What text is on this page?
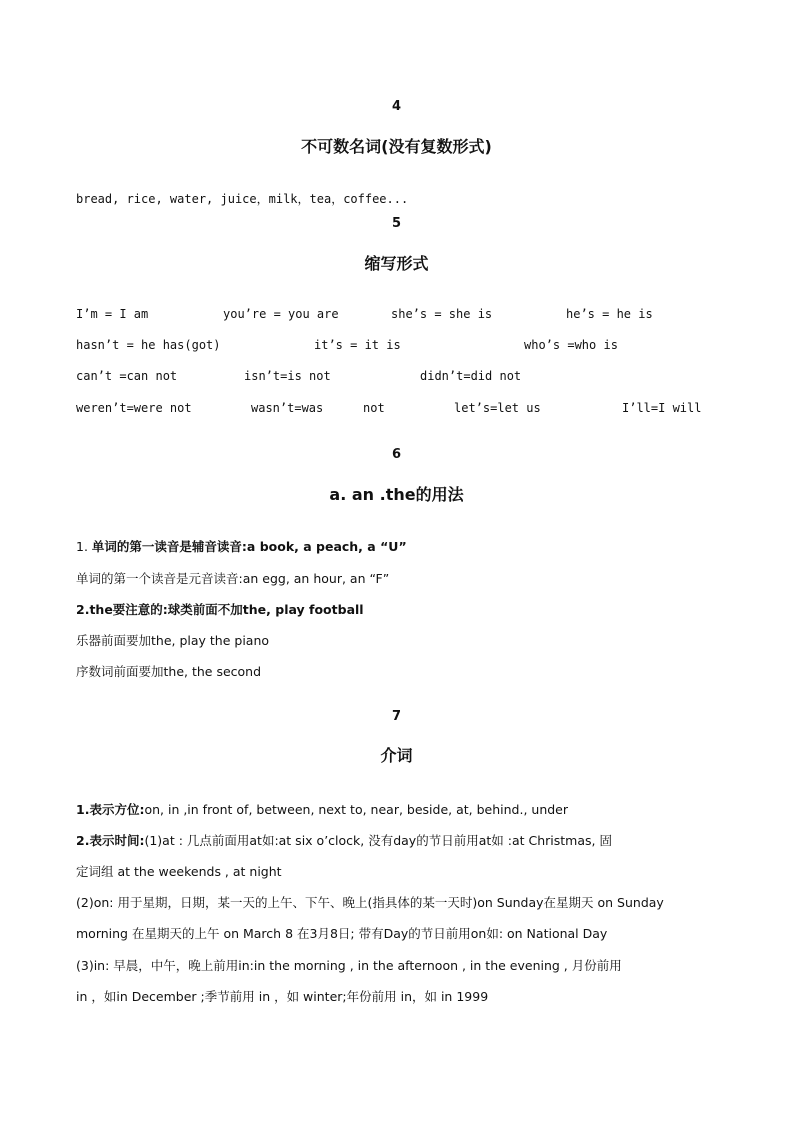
4
不可数名词(没有复数形式)
bread, rice, water, juice，milk，tea，coffee...
5
缩写形式
I’m = I am	you’re = you are	she’s = she is	he’s = he is
hasn’t = he has(got)	it’s = it is	who’s =who is
can’t =can not	isn’t=is not	didn’t=did not
weren’t=were not	wasn’t=was	not	let’s=let us	I’ll=I will
6
a. an .the的用法
1. 单词的第一读音是辅音读音:a book, a peach, a “U”
单词的第一个读音是元音读音:an egg, an hour, an “F”
2.the要注意的:球类前面不加the, play football
乐器前面要加the, play the piano
序数词前面要加the, the second
7
介词
1.表示方位:on, in ,in front of, between, next to, near, beside, at, behind., under
2.表示时间:(1)at : 几点前面用at如:at six o’clock, 没有day的节日前用at如 :at Christmas, 固
定词组 at the weekends , at night
(2)on: 用于星期，日期，某一天的上午、下午、晚上(指具体的某一天时)on Sunday在星期天 on Sunday
morning 在星期天的上午 on March 8 在3月8日; 带有Day的节日前用on如: on National Day
(3)in: 早晨，中午，晚上前用in:in the morning , in the afternoon , in the evening , 月份前用
in ，如in December ;季节前用 in ，如 winter;年份前用 in，如 in 1999
